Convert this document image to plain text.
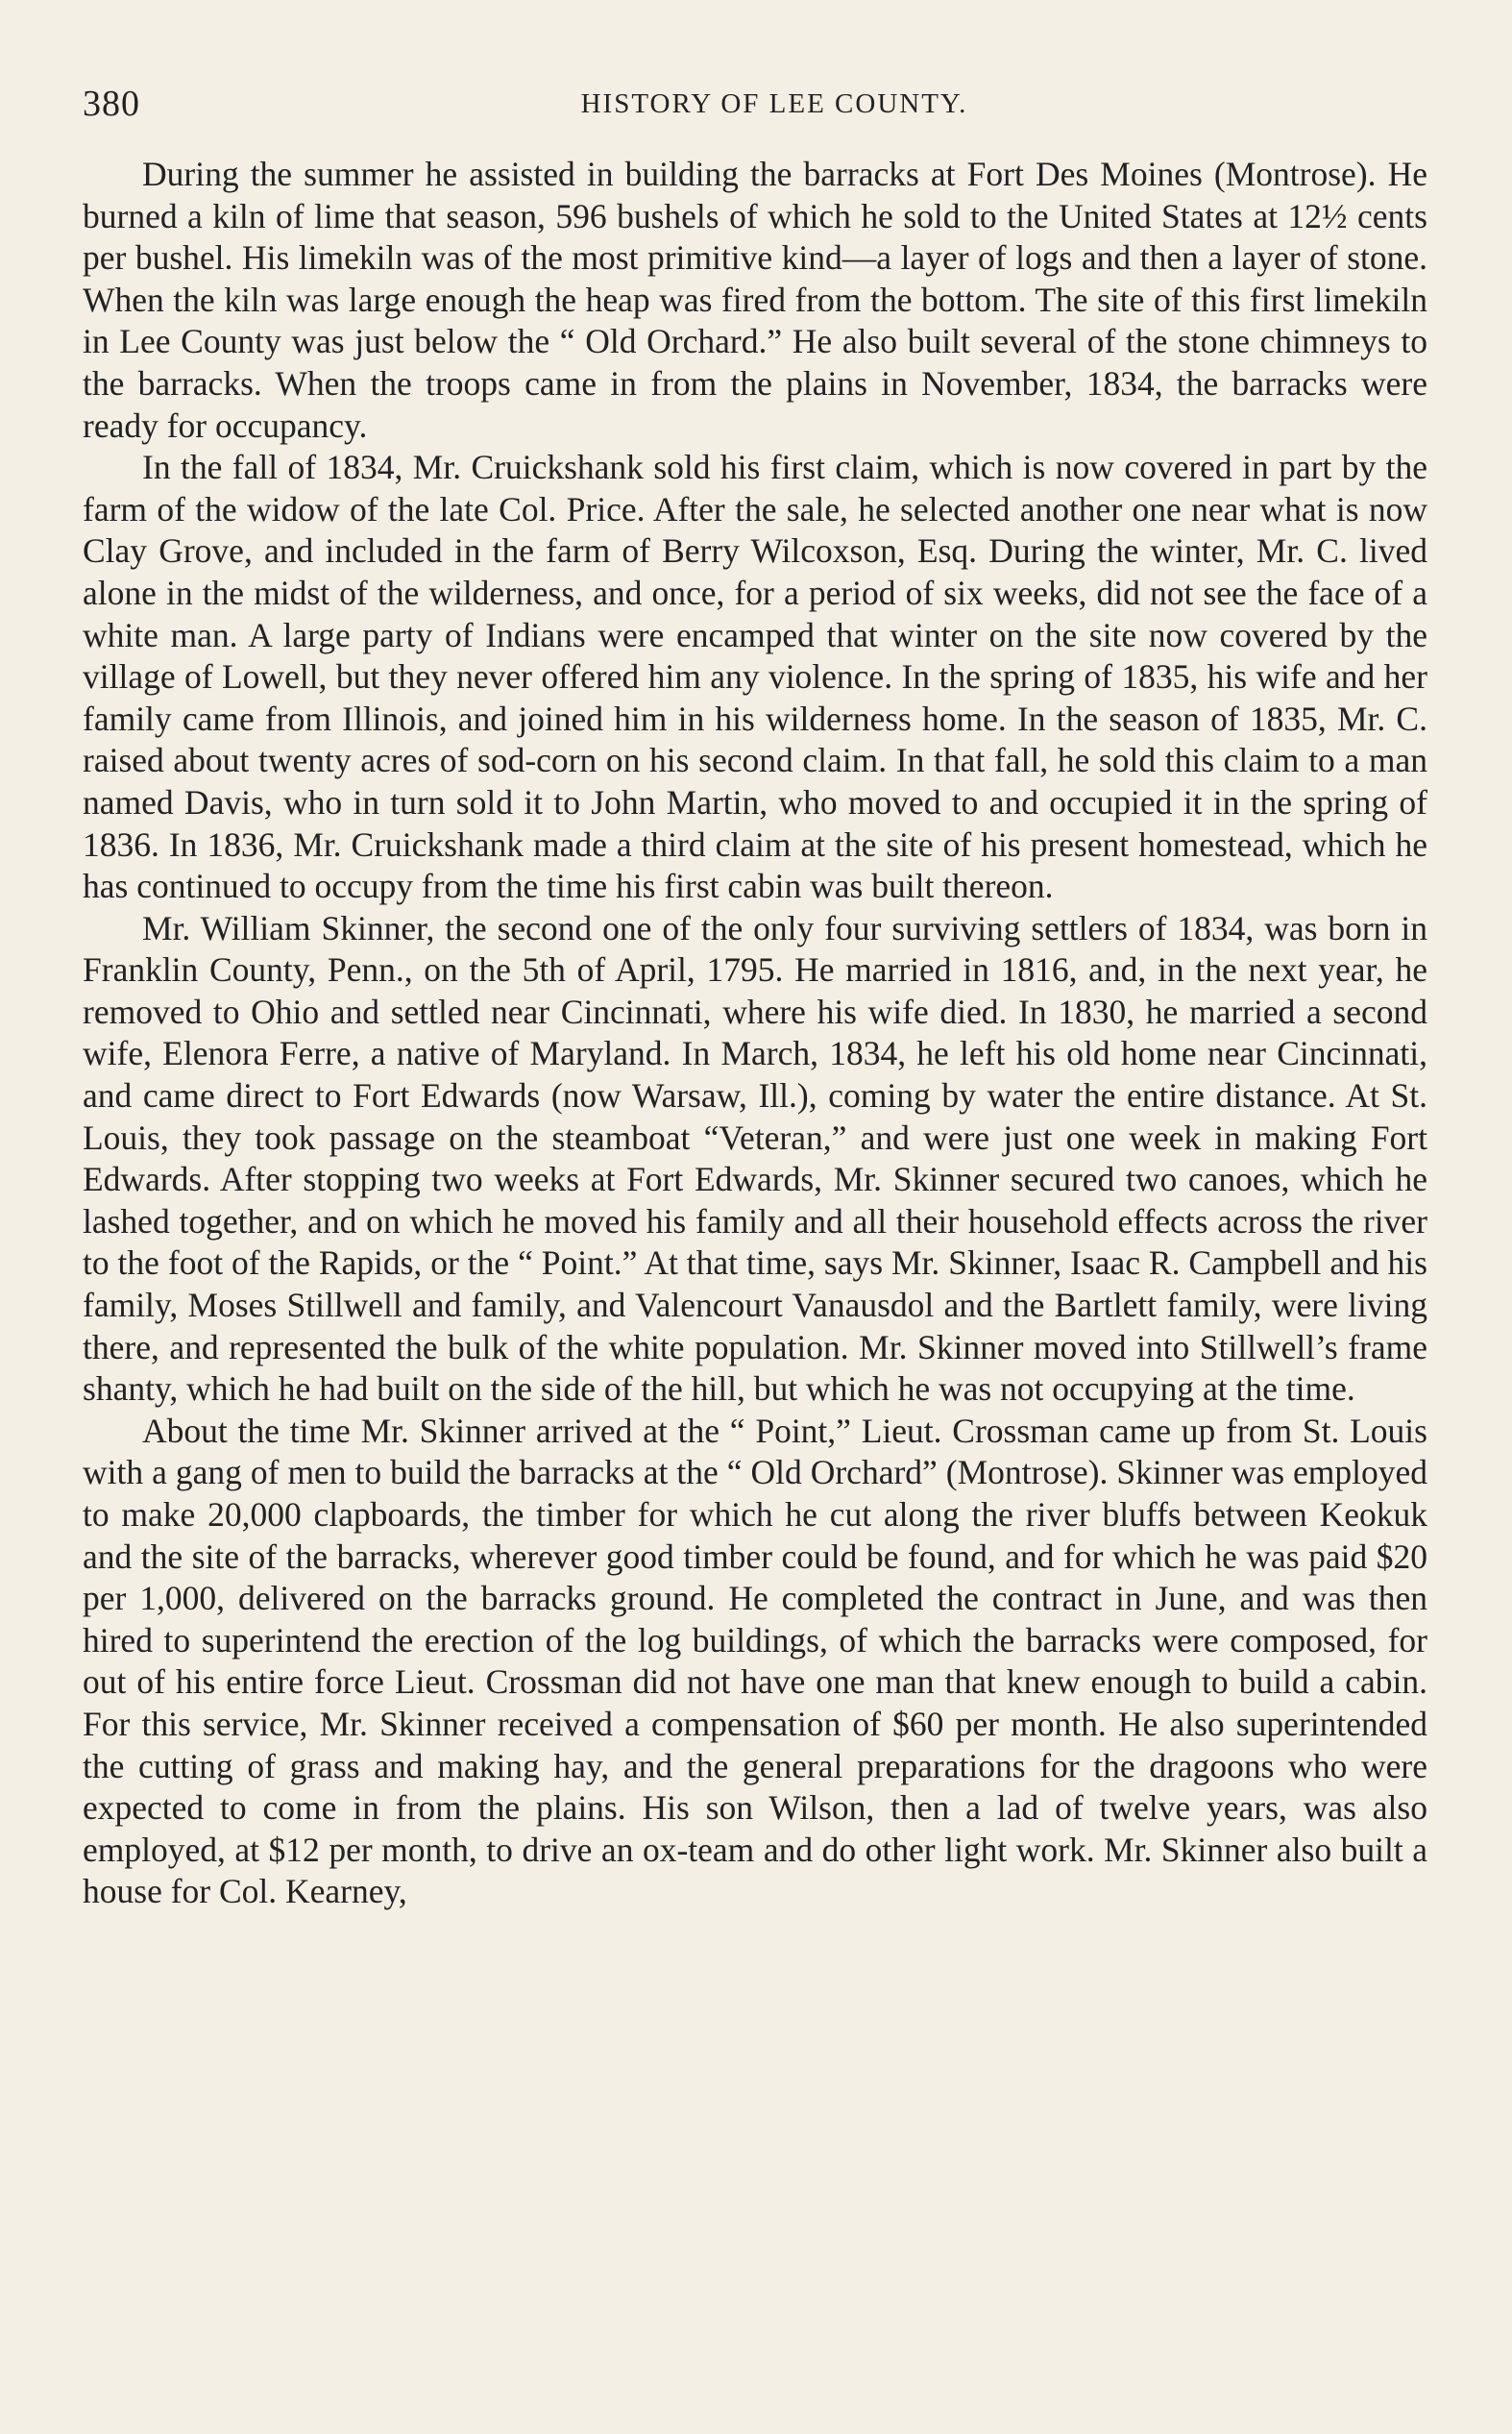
380	HISTORY OF LEE COUNTY.

During the summer he assisted in building the barracks at Fort Des Moines (Montrose). He burned a kiln of lime that season, 596 bushels of which he sold to the United States at 12½ cents per bushel. His limekiln was of the most primitive kind—a layer of logs and then a layer of stone. When the kiln was large enough the heap was fired from the bottom. The site of this first limekiln in Lee County was just below the “ Old Orchard.” He also built several of the stone chimneys to the barracks. When the troops came in from the plains in November, 1834, the barracks were ready for occupancy.

In the fall of 1834, Mr. Cruickshank sold his first claim, which is now covered in part by the farm of the widow of the late Col. Price. After the sale, he selected another one near what is now Clay Grove, and included in the farm of Berry Wilcoxson, Esq. During the winter, Mr. C. lived alone in the midst of the wilderness, and once, for a period of six weeks, did not see the face of a white man. A large party of Indians were encamped that winter on the site now covered by the village of Lowell, but they never offered him any violence. In the spring of 1835, his wife and her family came from Illinois, and joined him in his wilderness home. In the season of 1835, Mr. C. raised about twenty acres of sod-corn on his second claim. In that fall, he sold this claim to a man named Davis, who in turn sold it to John Martin, who moved to and occupied it in the spring of 1836. In 1836, Mr. Cruickshank made a third claim at the site of his present homestead, which he has continued to occupy from the time his first cabin was built thereon.

Mr. William Skinner, the second one of the only four surviving settlers of 1834, was born in Franklin County, Penn., on the 5th of April, 1795. He married in 1816, and, in the next year, he removed to Ohio and settled near Cincinnati, where his wife died. In 1830, he married a second wife, Elenora Ferre, a native of Maryland. In March, 1834, he left his old home near Cincinnati, and came direct to Fort Edwards (now Warsaw, Ill.), coming by water the entire distance. At St. Louis, they took passage on the steamboat “Veteran,” and were just one week in making Fort Edwards. After stopping two weeks at Fort Edwards, Mr. Skinner secured two canoes, which he lashed together, and on which he moved his family and all their household effects across the river to the foot of the Rapids, or the “ Point.” At that time, says Mr. Skinner, Isaac R. Campbell and his family, Moses Stillwell and family, and Valencourt Vanausdol and the Bartlett family, were living there, and represented the bulk of the white population. Mr. Skinner moved into Stillwell’s frame shanty, which he had built on the side of the hill, but which he was not occupying at the time.

About the time Mr. Skinner arrived at the “ Point,” Lieut. Crossman came up from St. Louis with a gang of men to build the barracks at the “ Old Orchard” (Montrose). Skinner was employed to make 20,000 clapboards, the timber for which he cut along the river bluffs between Keokuk and the site of the barracks, wherever good timber could be found, and for which he was paid $20 per 1,000, delivered on the barracks ground. He completed the contract in June, and was then hired to superintend the erection of the log buildings, of which the barracks were composed, for out of his entire force Lieut. Crossman did not have one man that knew enough to build a cabin. For this service, Mr. Skinner received a compensation of $60 per month. He also superintended the cutting of grass and making hay, and the general preparations for the dragoons who were expected to come in from the plains. His son Wilson, then a lad of twelve years, was also employed, at $12 per month, to drive an ox-team and do other light work. Mr. Skinner also built a house for Col. Kearney,
